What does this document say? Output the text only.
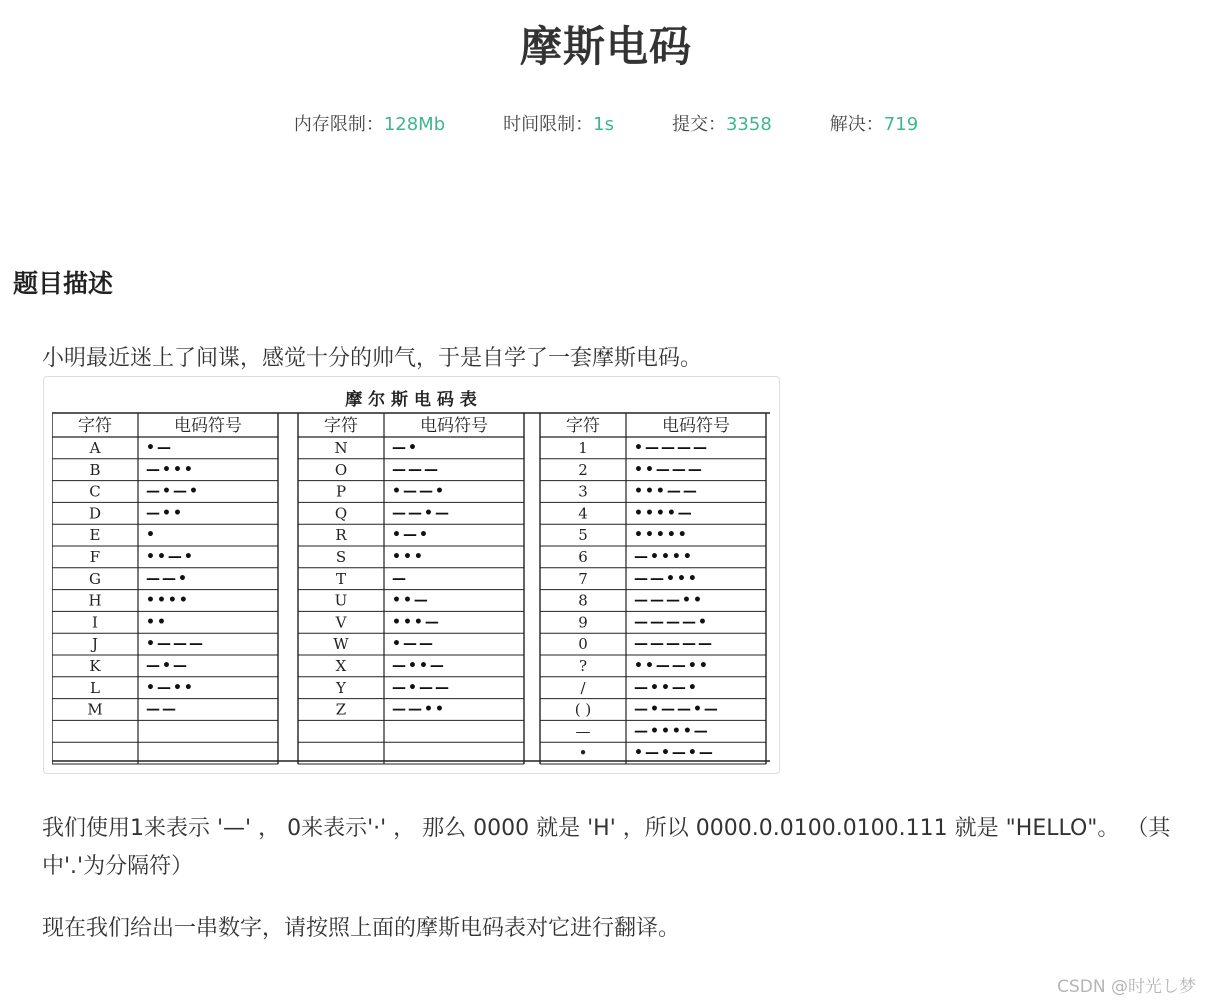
摩斯电码
内存限制：128Mb	时间限制：1s	提交：3358	解决：719
题目描述
小明最近迷上了间谍，感觉十分的帅气，于是自学了一套摩斯电码。
摩 尔 斯 电 码 表
字符	电码符号
A	•—
B	—•••
C	—•—•
D	—••
E	•
F	••—•
G	——•
H	••••
I	••
J	•———
K	—•—
L	•—••
M	——
字符	电码符号
N	—•
O	———
P	•——•
Q	——•—
R	•—•
S	•••
T	—
U	••—
V	•••—
W	•——
X	—••—
Y	—•——
Z	——••
字符	电码符号
1	•————
2	••———
3	•••——
4	••••—
5	•••••
6	—••••
7	——•••
8	———••
9	————•
0	—————
?	••——••
/	—••—•
( )	—•——•—
—	—••••—
•	•—•—•—
我们使用1来表示 '—' ， 0来表示'·' ， 那么 0000 就是 'H' ，所以 0000.0.0100.0100.111 就是 "HELLO"。 （其中'.'为分隔符）
现在我们给出一串数字，请按照上面的摩斯电码表对它进行翻译。
CSDN @时光し梦
